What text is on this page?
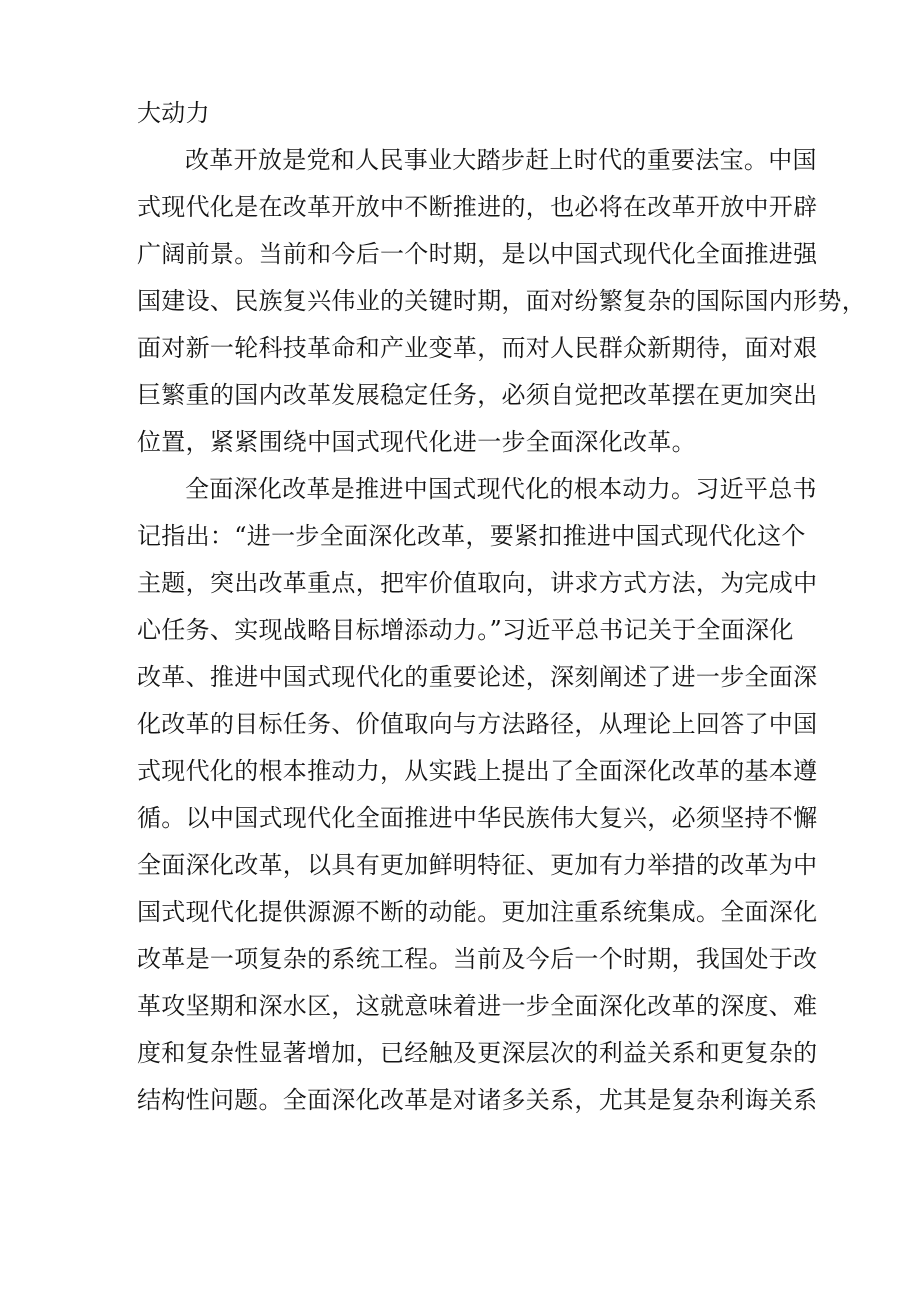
大动力
改革开放是党和人民事业大踏步赶上时代的重要法宝。中国
式现代化是在改革开放中不断推进的，也必将在改革开放中开辟
广阔前景。当前和今后一个时期，是以中国式现代化全面推进强
国建设、民族复兴伟业的关键时期，面对纷繁复杂的国际国内形势，
面对新一轮科技革命和产业变革，而对人民群众新期待，面对艰
巨繁重的国内改革发展稳定任务，必须自觉把改革摆在更加突出
位置，紧紧围绕中国式现代化进一步全面深化改革。
全面深化改革是推进中国式现代化的根本动力。习近平总书
记指出：“进一步全面深化改革，要紧扣推进中国式现代化这个
主题，突出改革重点，把牢价值取向，讲求方式方法，为完成中
心任务、实现战略目标增添动力。”习近平总书记关于全面深化
改革、推进中国式现代化的重要论述，深刻阐述了进一步全面深
化改革的目标任务、价值取向与方法路径，从理论上回答了中国
式现代化的根本推动力，从实践上提出了全面深化改革的基本遵
循。以中国式现代化全面推进中华民族伟大复兴，必须坚持不懈
全面深化改革，以具有更加鲜明特征、更加有力举措的改革为中
国式现代化提供源源不断的动能。更加注重系统集成。全面深化
改革是一项复杂的系统工程。当前及今后一个时期，我国处于改
革攻坚期和深水区，这就意味着进一步全面深化改革的深度、难
度和复杂性显著增加，已经触及更深层次的利益关系和更复杂的
结构性问题。全面深化改革是对诸多关系，尤其是复杂利诲关系
